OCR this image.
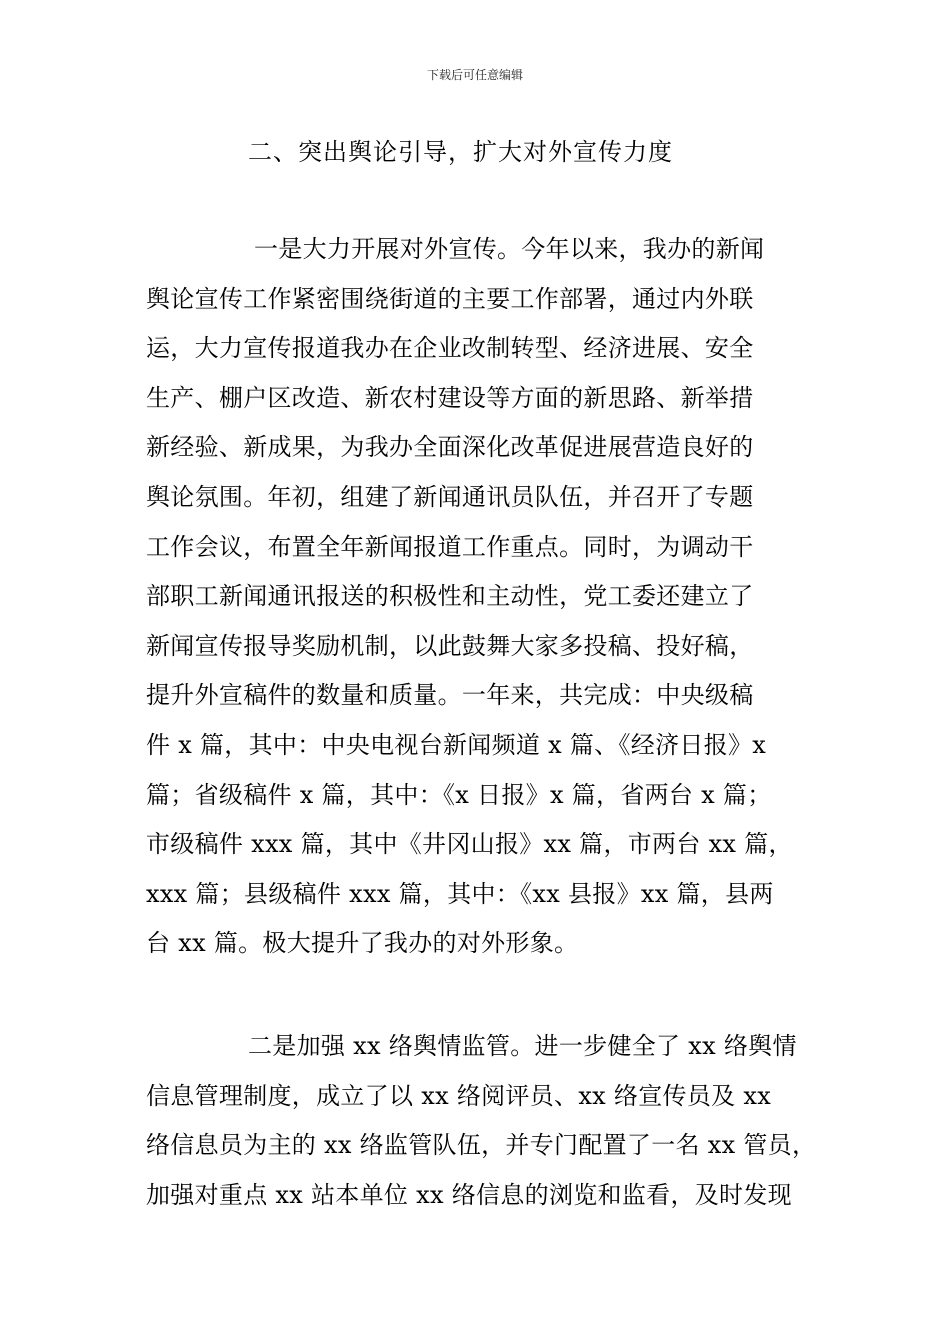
下载后可任意编辑
二、突出舆论引导，扩大对外宣传力度
一是大力开展对外宣传。今年以来，我办的新闻
舆论宣传工作紧密围绕街道的主要工作部署，通过内外联
运，大力宣传报道我办在企业改制转型、经济进展、安全
生产、棚户区改造、新农村建设等方面的新思路、新举措
新经验、新成果，为我办全面深化改革促进展营造良好的
舆论氛围。年初，组建了新闻通讯员队伍，并召开了专题
工作会议，布置全年新闻报道工作重点。同时，为调动干
部职工新闻通讯报送的积极性和主动性，党工委还建立了
新闻宣传报导奖励机制，以此鼓舞大家多投稿、投好稿，
提升外宣稿件的数量和质量。一年来，共完成：中央级稿
件 x 篇，其中：中央电视台新闻频道 x 篇、《经济日报》x
篇；省级稿件 x 篇，其中：《x 日报》x 篇，省两台 x 篇；
市级稿件 xxx 篇，其中《井冈山报》xx 篇，市两台 xx 篇，
xxx 篇；县级稿件 xxx 篇，其中：《xx 县报》xx 篇，县两
台 xx 篇。极大提升了我办的对外形象。
二是加强 xx 络舆情监管。进一步健全了 xx 络舆情
信息管理制度，成立了以 xx 络阅评员、xx 络宣传员及 xx
络信息员为主的 xx 络监管队伍，并专门配置了一名 xx 管员，
加强对重点 xx 站本单位 xx 络信息的浏览和监看，及时发现
